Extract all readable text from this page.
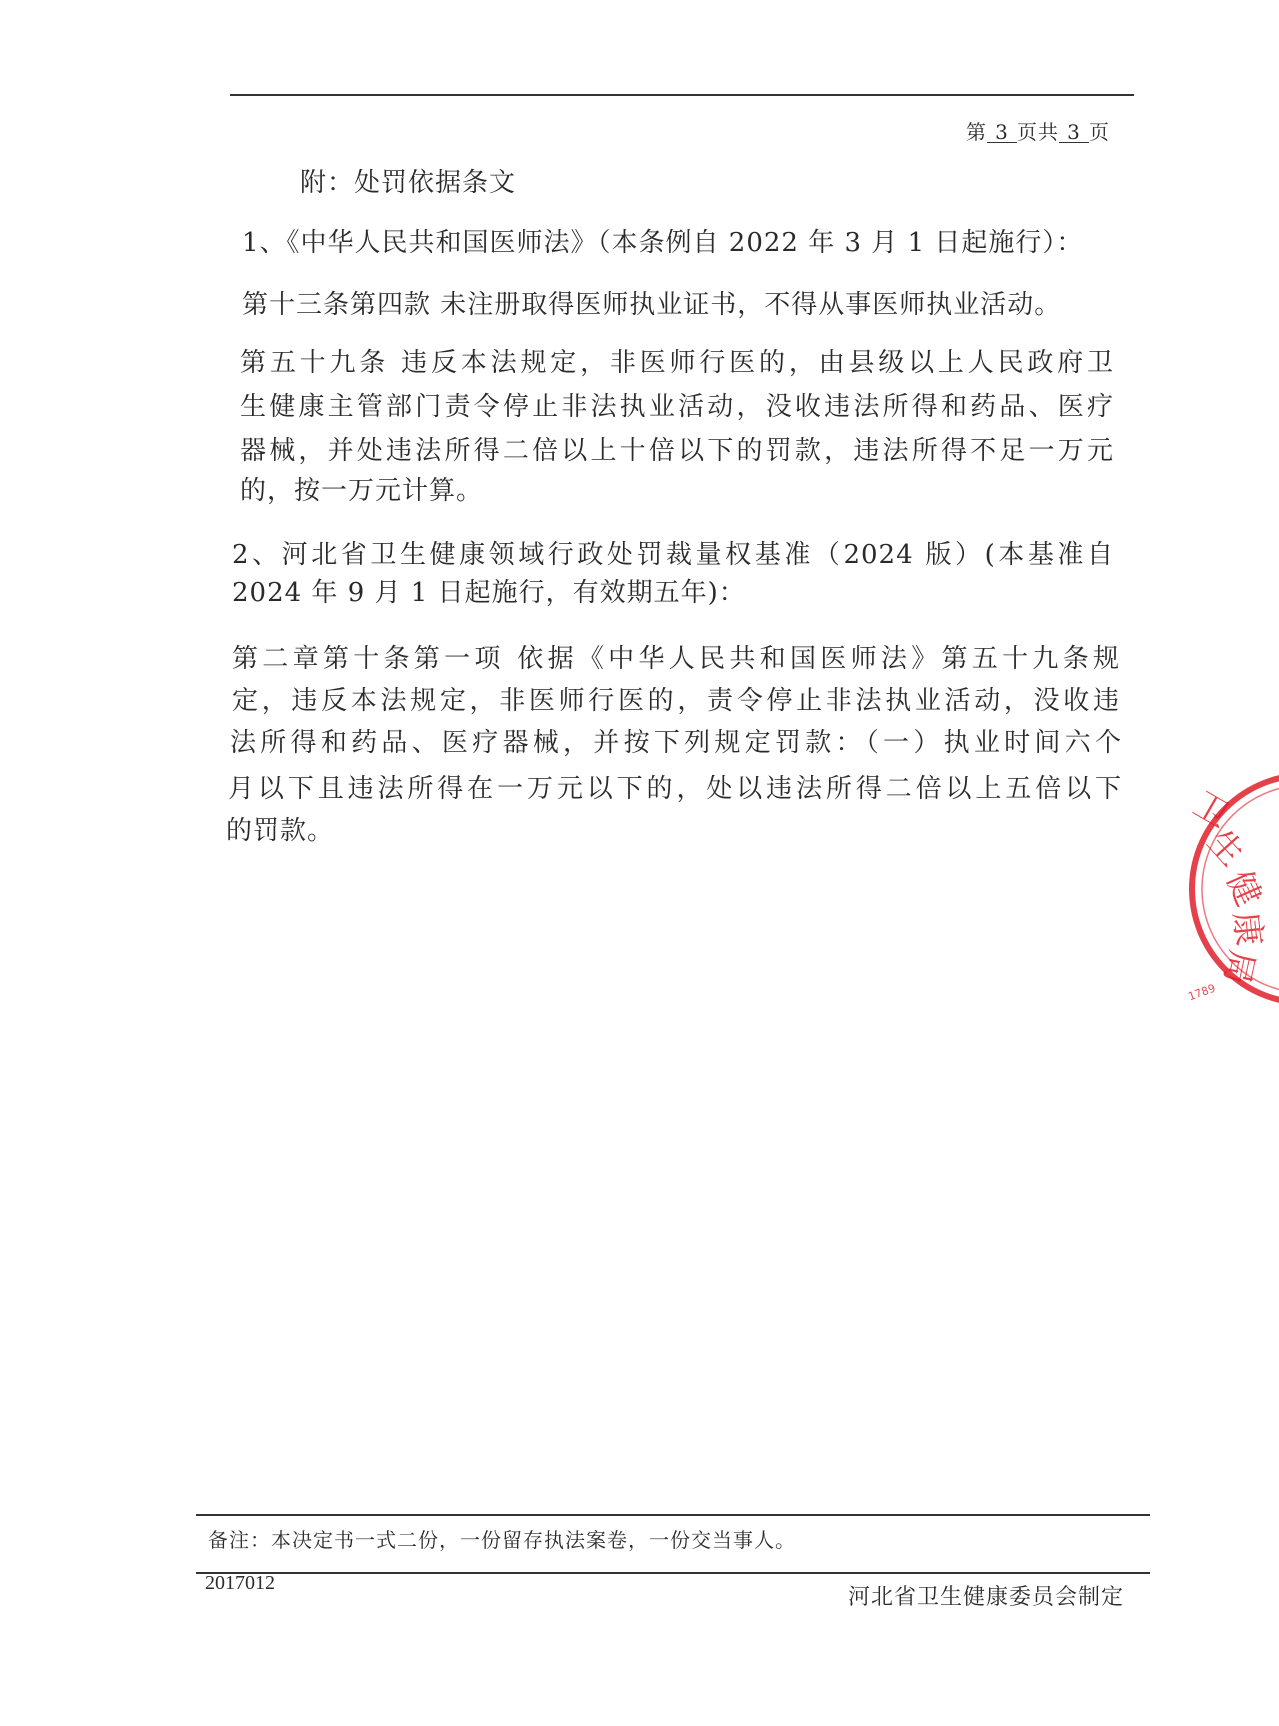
第 3 页共 3 页
附：处罚依据条文
1、《中华人民共和国医师法》（本条例自 2022 年 3 月 1 日起施行）：
第十三条第四款 未注册取得医师执业证书，不得从事医师执业活动。
第五十九条 违反本法规定，非医师行医的，由县级以上人民政府卫
生健康主管部门责令停止非法执业活动，没收违法所得和药品、医疗
器械，并处违法所得二倍以上十倍以下的罚款，违法所得不足一万元
的，按一万元计算。
2、河北省卫生健康领域行政处罚裁量权基准（2024 版）(本基准自
2024 年 9 月 1 日起施行，有效期五年)：
第二章第十条第一项 依据《中华人民共和国医师法》第五十九条规
定，违反本法规定，非医师行医的，责令停止非法执业活动，没收违
法所得和药品、医疗器械，并按下列规定罚款：（一）执业时间六个
月以下且违法所得在一万元以下的，处以违法所得二倍以上五倍以下
的罚款。	卫
生
健
康
局
1789
备注：本决定书一式二份，一份留存执法案卷，一份交当事人。
2017012
河北省卫生健康委员会制定
